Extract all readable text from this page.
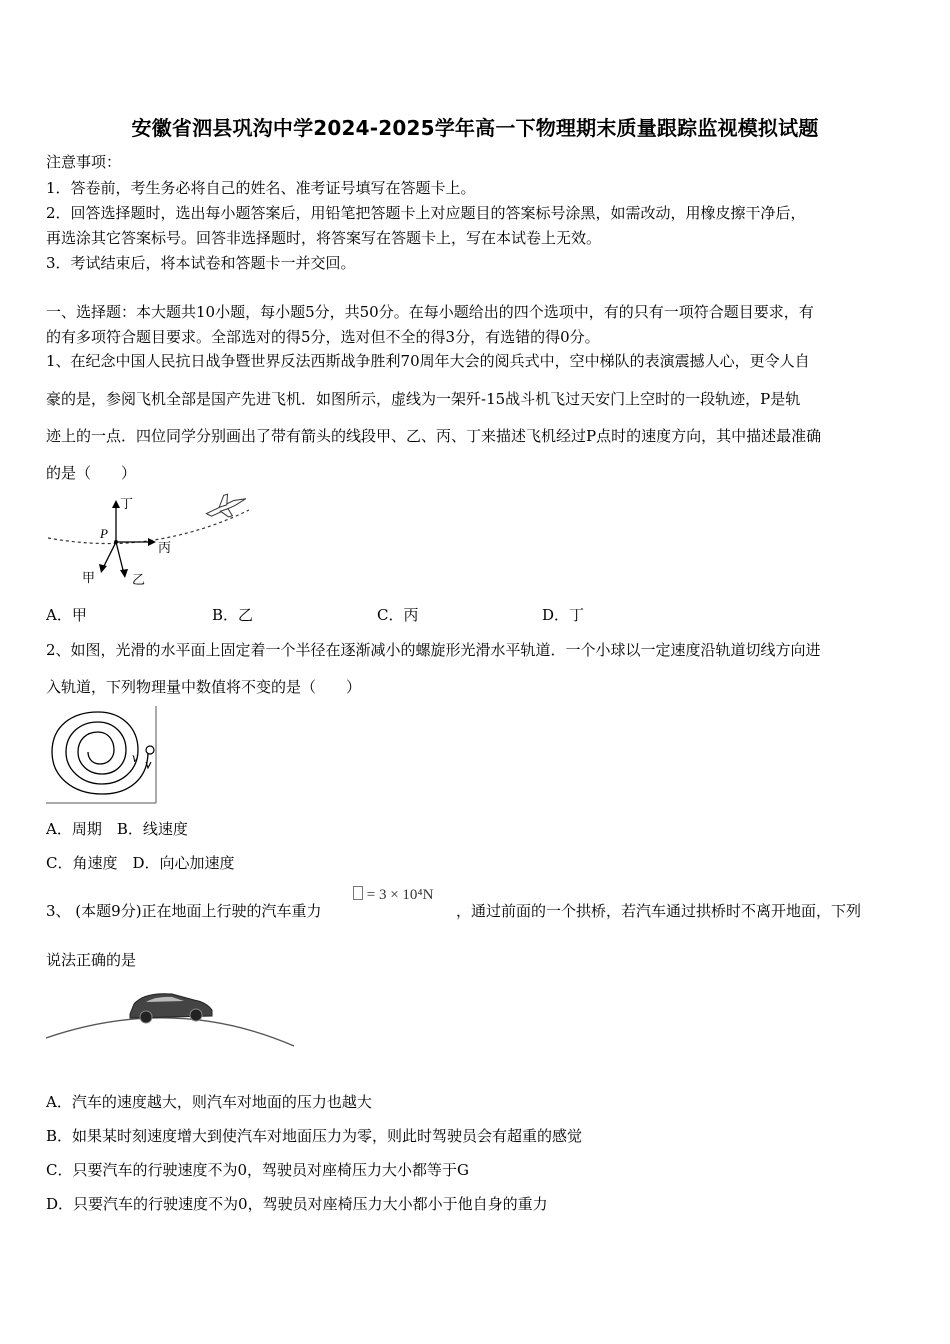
安徽省泗县巩沟中学2024-2025学年高一下物理期末质量跟踪监视模拟试题
注意事项：
1．答卷前，考生务必将自己的姓名、准考证号填写在答题卡上。
2．回答选择题时，选出每小题答案后，用铅笔把答题卡上对应题目的答案标号涂黑，如需改动，用橡皮擦干净后，
再选涂其它答案标号。回答非选择题时，将答案写在答题卡上，写在本试卷上无效。
3．考试结束后，将本试卷和答题卡一并交回。
一、选择题：本大题共10小题，每小题5分，共50分。在每小题给出的四个选项中，有的只有一项符合题目要求，有
的有多项符合题目要求。全部选对的得5分，选对但不全的得3分，有选错的得0分。
1、在纪念中国人民抗日战争暨世界反法西斯战争胜利70周年大会的阅兵式中，空中梯队的表演震撼人心，更令人自
豪的是，参阅飞机全部是国产先进飞机．如图所示，虚线为一架歼-15战斗机飞过天安门上空时的一段轨迹，P是轨
迹上的一点．四位同学分别画出了带有箭头的线段甲、乙、丙、丁来描述飞机经过P点时的速度方向，其中描述最准确
的是（　　）
丁
P
丙
甲	乙
A．甲	B．乙	C．丙	D．丁
2、如图，光滑的水平面上固定着一个半径在逐渐减小的螺旋形光滑水平轨道．一个小球以一定速度沿轨道切线方向进
入轨道，下列物理量中数值将不变的是（　　）
v
A．周期　B．线速度
C．角速度　D．向心加速度
3、 (本题9分)正在地面上行驶的汽车重力
= 3 × 10⁴N
，通过前面的一个拱桥，若汽车通过拱桥时不离开地面，下列
说法正确的是
A．汽车的速度越大，则汽车对地面的压力也越大
B．如果某时刻速度增大到使汽车对地面压力为零，则此时驾驶员会有超重的感觉
C．只要汽车的行驶速度不为0，驾驶员对座椅压力大小都等于G
D．只要汽车的行驶速度不为0，驾驶员对座椅压力大小都小于他自身的重力
